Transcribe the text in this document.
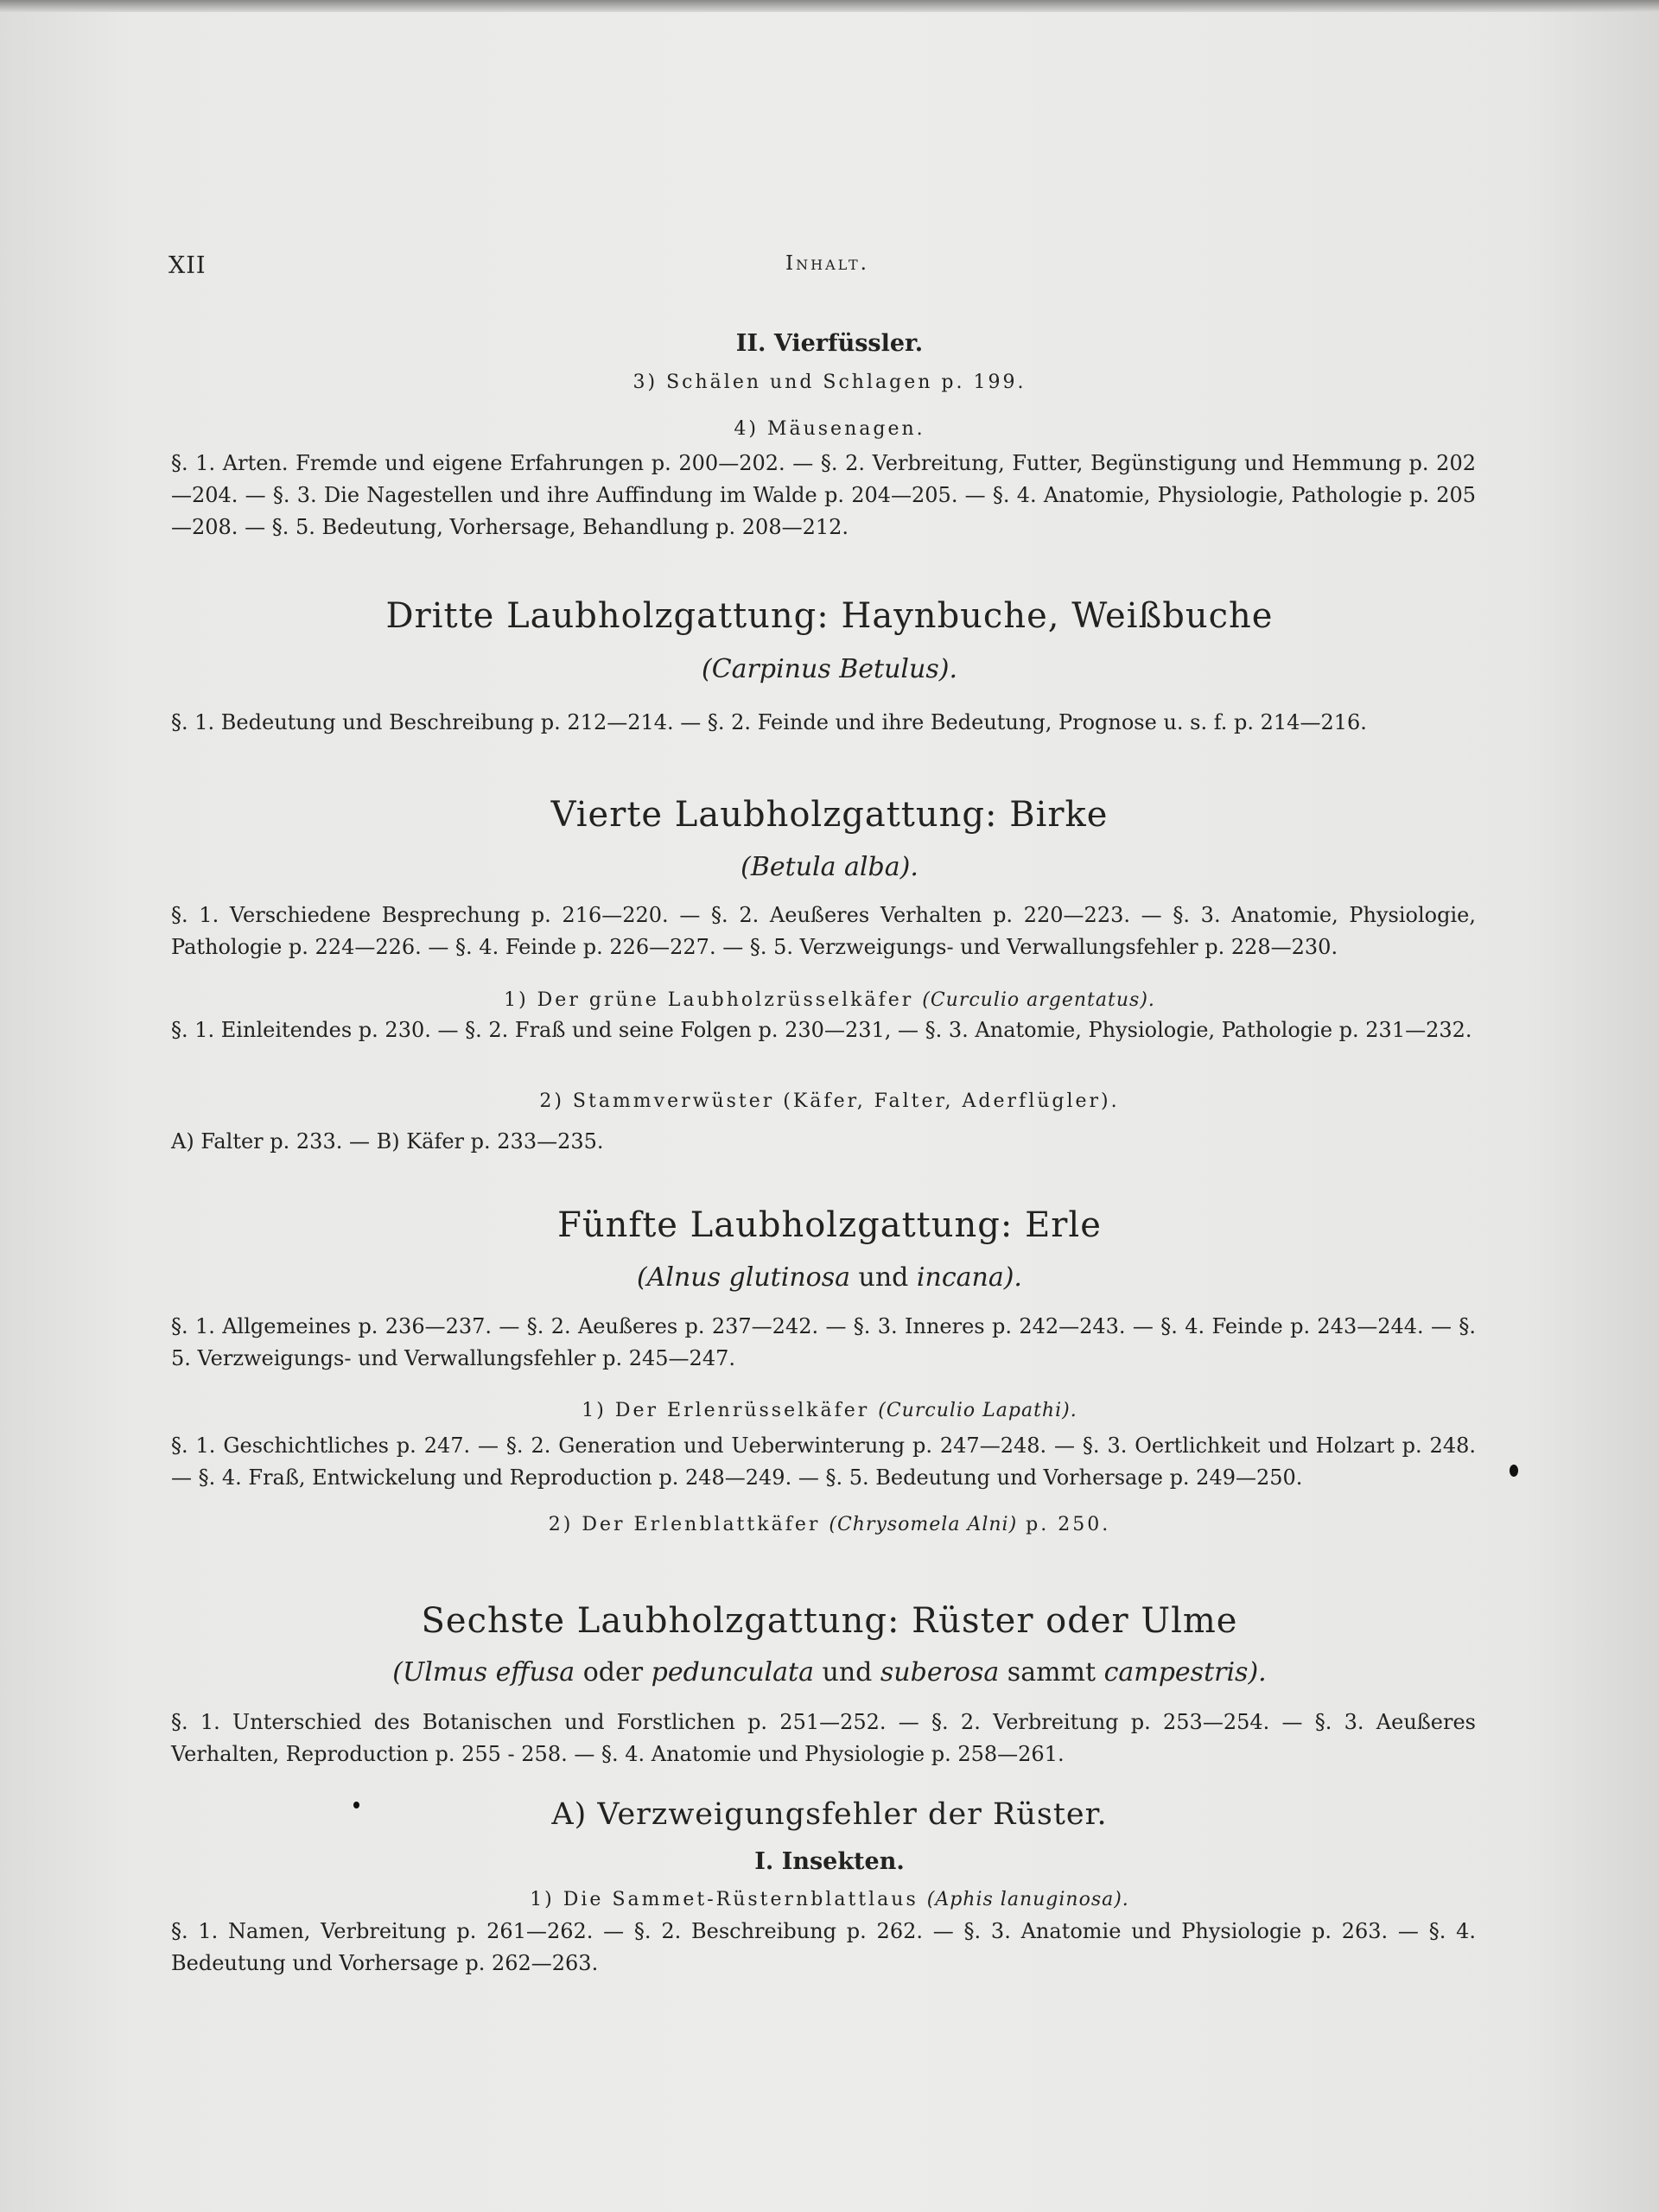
XII	Inhalt.
II. Vierfüssler.
3) Schälen und Schlagen p. 199.
4) Mäusenagen.
§. 1. Arten. Fremde und eigene Erfahrungen p. 200—202. — §. 2. Verbreitung, Futter, Begünstigung und Hemmung p. 202—204. — §. 3. Die Nagestellen und ihre Auffindung im Walde p. 204—205. — §. 4. Anatomie, Physiologie, Pathologie p. 205—208. — §. 5. Bedeutung, Vorhersage, Behandlung p. 208—212.
Dritte Laubholzgattung: Haynbuche, Weißbuche
(Carpinus Betulus).
§. 1. Bedeutung und Beschreibung p. 212—214. — §. 2. Feinde und ihre Bedeutung, Prognose u. s. f. p. 214—216.
Vierte Laubholzgattung: Birke
(Betula alba).
§. 1. Verschiedene Besprechung p. 216—220. — §. 2. Aeußeres Verhalten p. 220—223. — §. 3. Anatomie, Physiologie, Pathologie p. 224—226. — §. 4. Feinde p. 226—227. — §. 5. Verzweigungs- und Verwallungsfehler p. 228—230.
1) Der grüne Laubholzrüsselkäfer (Curculio argentatus).
§. 1. Einleitendes p. 230. — §. 2. Fraß und seine Folgen p. 230—231, — §. 3. Anatomie, Physiologie, Pathologie p. 231—232.
2) Stammverwüster (Käfer, Falter, Aderflügler).
A) Falter p. 233. — B) Käfer p. 233—235.
Fünfte Laubholzgattung: Erle
(Alnus glutinosa und incana).
§. 1. Allgemeines p. 236—237. — §. 2. Aeußeres p. 237—242. — §. 3. Inneres p. 242—243. — §. 4. Feinde p. 243—244. — §. 5. Verzweigungs- und Verwallungsfehler p. 245—247.
1) Der Erlenrüsselkäfer (Curculio Lapathi).
§. 1. Geschichtliches p. 247. — §. 2. Generation und Ueberwinterung p. 247—248. — §. 3. Oertlichkeit und Holzart p. 248. — §. 4. Fraß, Entwickelung und Reproduction p. 248—249. — §. 5. Bedeutung und Vorhersage p. 249—250.
2) Der Erlenblattkäfer (Chrysomela Alni) p. 250.
Sechste Laubholzgattung: Rüster oder Ulme
(Ulmus effusa oder pedunculata und suberosa sammt campestris).
§. 1. Unterschied des Botanischen und Forstlichen p. 251—252. — §. 2. Verbreitung p. 253—254. — §. 3. Aeußeres Verhalten, Reproduction p. 255 - 258. — §. 4. Anatomie und Physiologie p. 258—261.
A) Verzweigungsfehler der Rüster.
I. Insekten.
1) Die Sammet-Rüsternblattlaus (Aphis lanuginosa).
§. 1. Namen, Verbreitung p. 261—262. — §. 2. Beschreibung p. 262. — §. 3. Anatomie und Physiologie p. 263. — §. 4. Bedeutung und Vorhersage p. 262—263.
